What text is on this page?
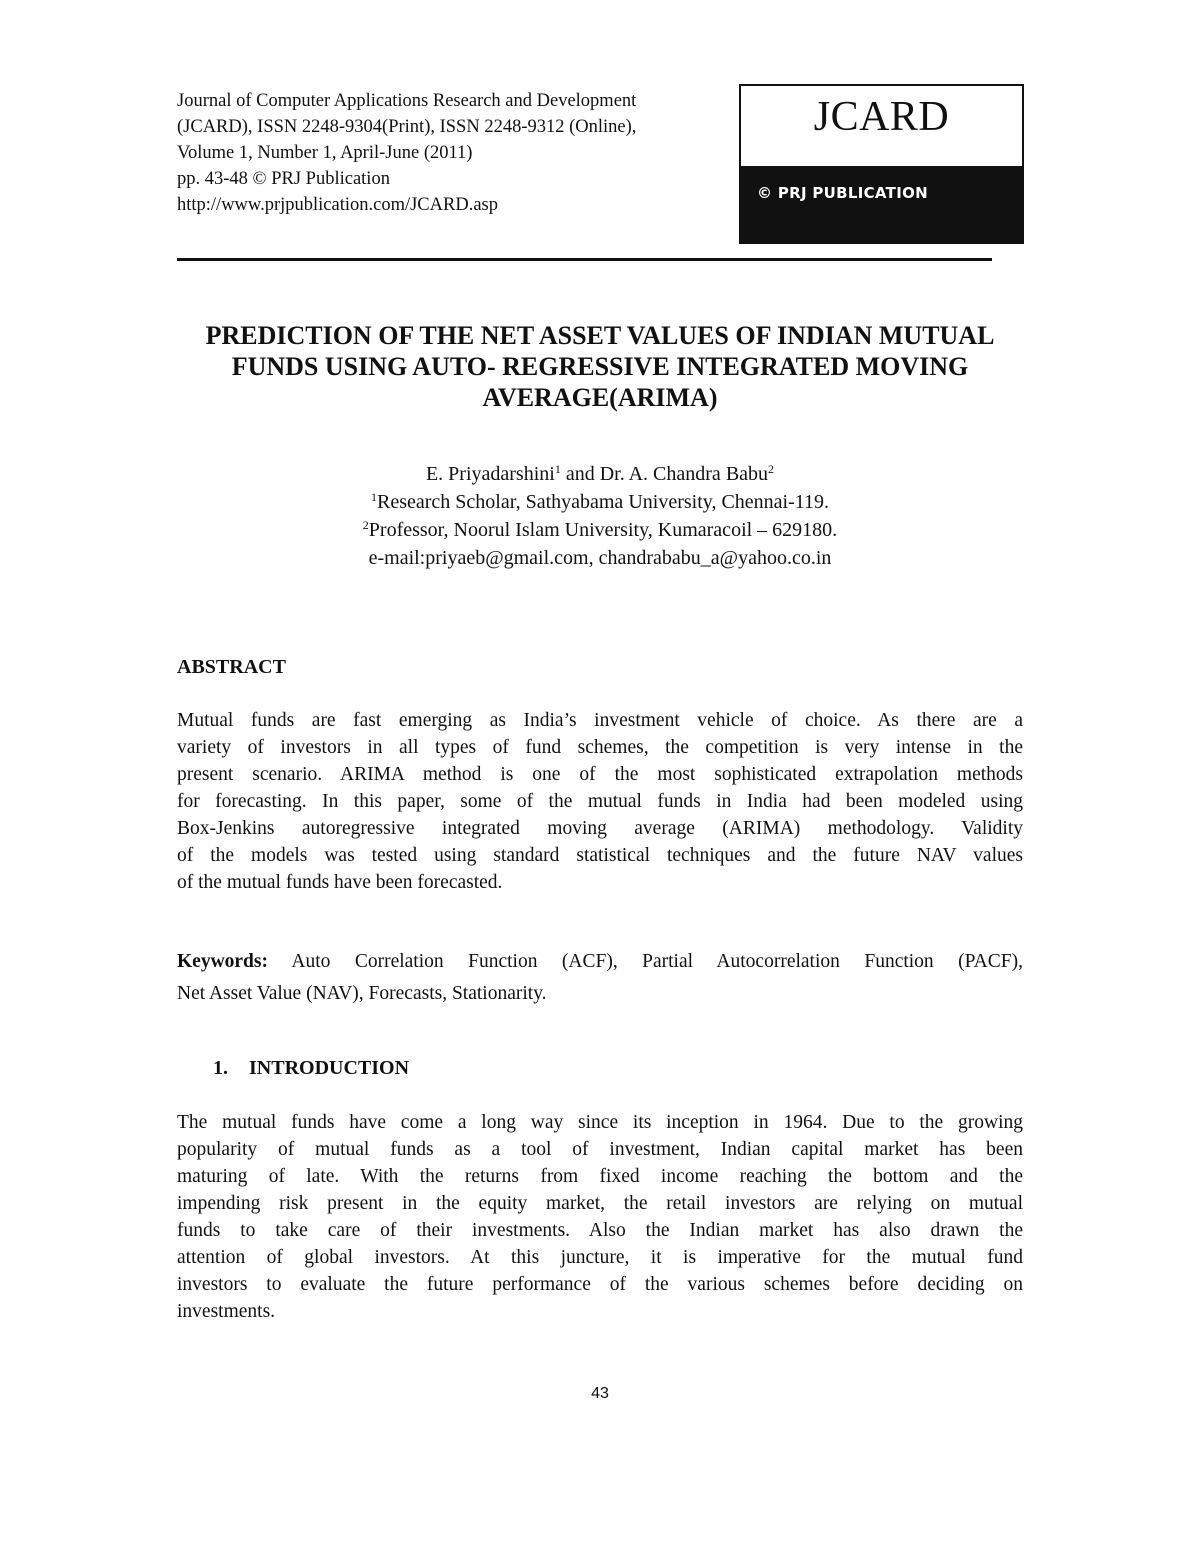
Journal of Computer Applications Research and Development
(JCARD), ISSN 2248-9304(Print), ISSN 2248-9312 (Online),
Volume 1, Number 1, April-June (2011)
pp. 43-48 © PRJ Publication
http://www.prjpublication.com/JCARD.asp
JCARD
© PRJ PUBLICATION
PREDICTION OF THE NET ASSET VALUES OF INDIAN MUTUAL
FUNDS USING AUTO- REGRESSIVE INTEGRATED MOVING
AVERAGE(ARIMA)
E. Priyadarshini$^1$ and Dr. A. Chandra Babu$^2$
$^1$Research Scholar, Sathyabama University, Chennai-119.
$^2$Professor, Noorul Islam University, Kumaracoil – 629180.
e-mail:priyaeb@gmail.com, chandrababu_a@yahoo.co.in
ABSTRACT
Mutual funds are fast emerging as India’s investment vehicle of choice. As there are a
variety of investors in all types of fund schemes, the competition is very intense in the
present scenario. ARIMA method is one of the most sophisticated extrapolation methods
for forecasting. In this paper, some of the mutual funds in India had been modeled using
Box-Jenkins autoregressive integrated moving average (ARIMA) methodology. Validity
of the models was tested using standard statistical techniques and the future NAV values
of the mutual funds have been forecasted.
Keywords: Auto Correlation Function (ACF), Partial Autocorrelation Function (PACF),
Net Asset Value (NAV), Forecasts, Stationarity.
1. INTRODUCTION
The mutual funds have come a long way since its inception in 1964. Due to the growing
popularity of mutual funds as a tool of investment, Indian capital market has been
maturing of late. With the returns from fixed income reaching the bottom and the
impending risk present in the equity market, the retail investors are relying on mutual
funds to take care of their investments. Also the Indian market has also drawn the
attention of global investors. At this juncture, it is imperative for the mutual fund
investors to evaluate the future performance of the various schemes before deciding on
investments.
43
